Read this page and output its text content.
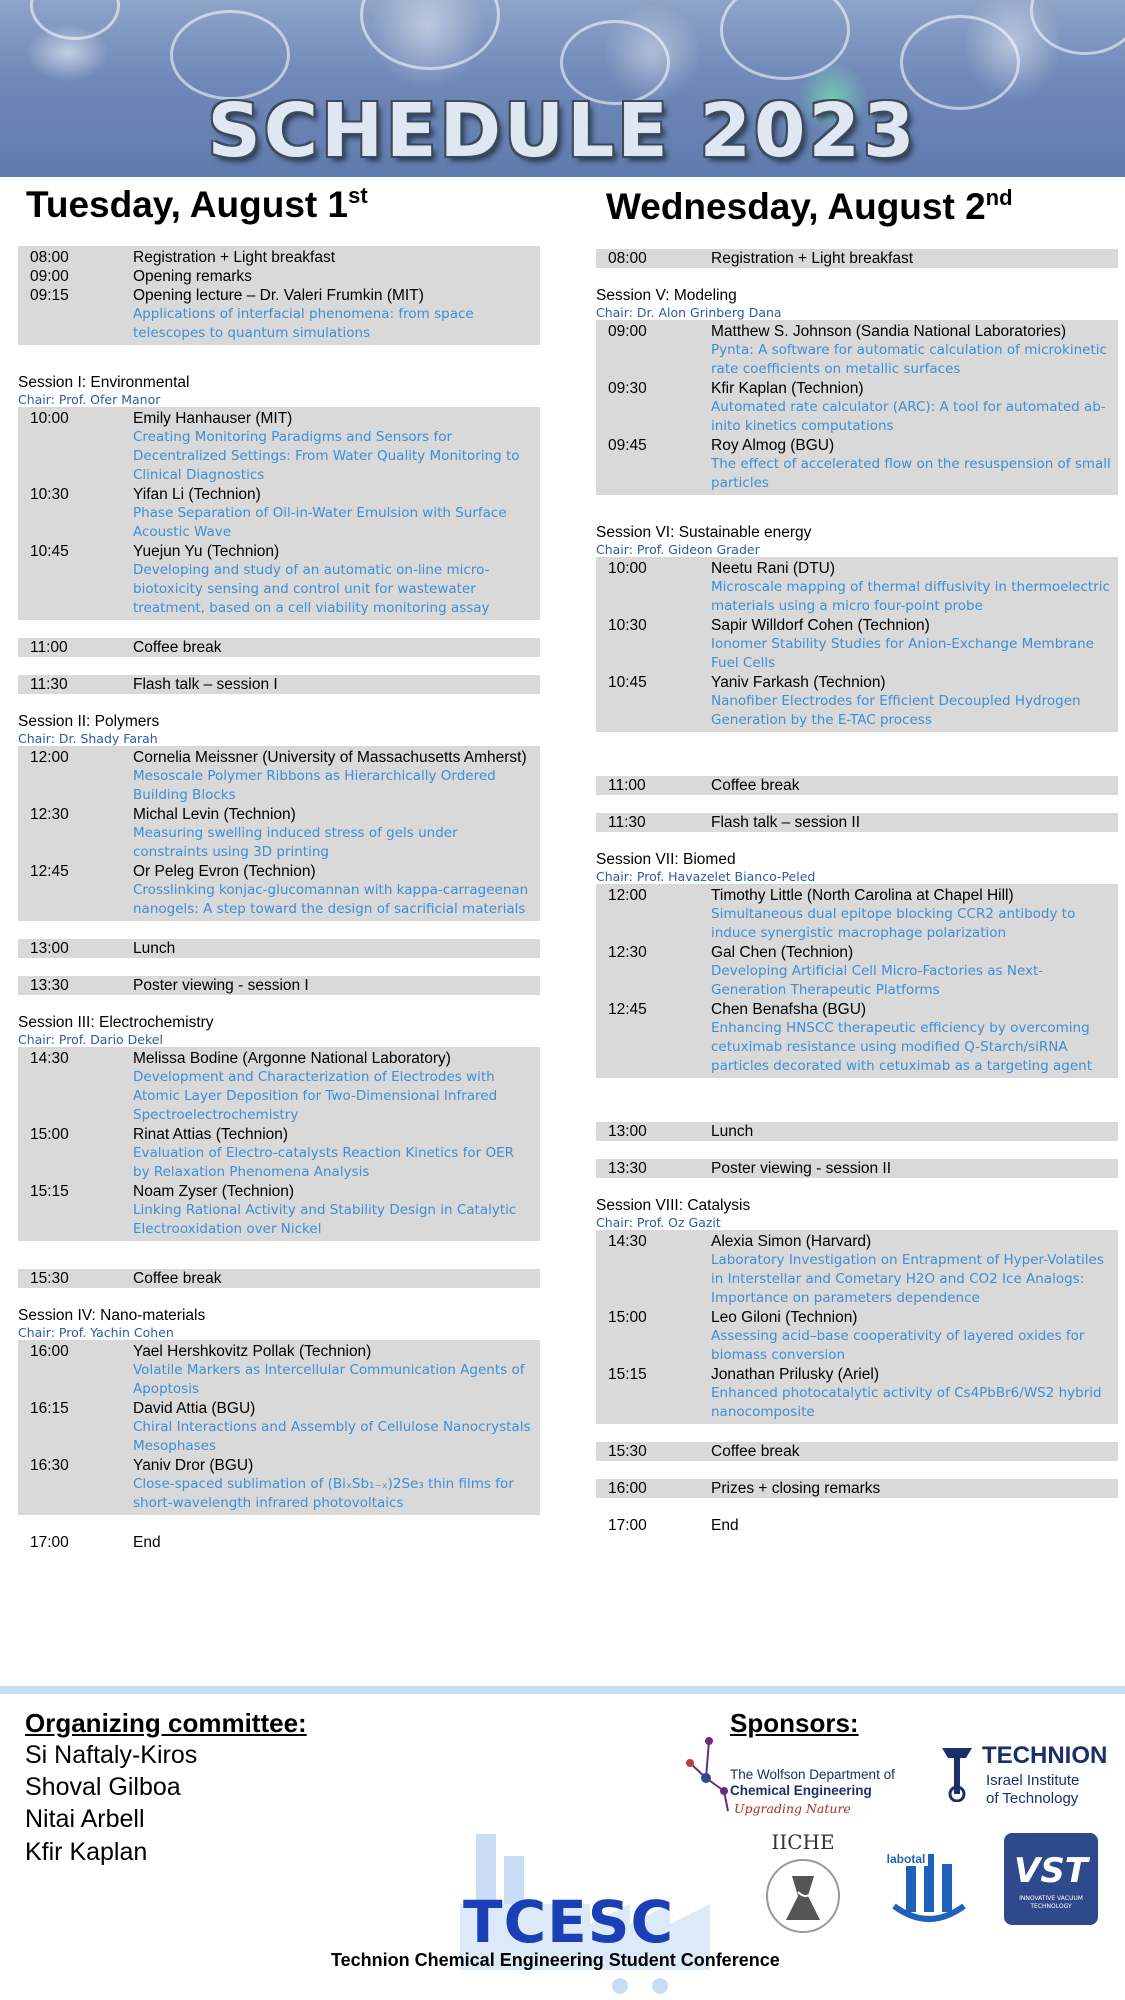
SCHEDULE 2023
Tuesday, August 1st	Wednesday, August 2nd
08:00	Registration + Light breakfast
09:00	Opening remarks
09:15	Opening lecture – Dr. Valeri Frumkin (MIT)
Applications of interfacial phenomena: from space telescopes to quantum simulations
Session I: Environmental
Chair: Prof. Ofer Manor
10:00	Emily Hanhauser (MIT)
Creating Monitoring Paradigms and Sensors for Decentralized Settings: From Water Quality Monitoring to Clinical Diagnostics
10:30	Yifan Li (Technion)
Phase Separation of Oil-in-Water Emulsion with Surface Acoustic Wave
10:45	Yuejun Yu (Technion)
Developing and study of an automatic on-line micro-biotoxicity sensing and control unit for wastewater treatment, based on a cell viability monitoring assay
11:00	Coffee break
11:30	Flash talk – session I
Session II: Polymers
Chair: Dr. Shady Farah
12:00	Cornelia Meissner (University of Massachusetts Amherst)
Mesoscale Polymer Ribbons as Hierarchically Ordered Building Blocks
12:30	Michal Levin (Technion)
Measuring swelling induced stress of gels under constraints using 3D printing
12:45	Or Peleg Evron (Technion)
Crosslinking konjac-glucomannan with kappa-carrageenan nanogels: A step toward the design of sacrificial materials
13:00	Lunch
13:30	Poster viewing - session I
Session III: Electrochemistry
Chair: Prof. Dario Dekel
14:30	Melissa Bodine (Argonne National Laboratory)
Development and Characterization of Electrodes with Atomic Layer Deposition for Two-Dimensional Infrared Spectroelectrochemistry
15:00	Rinat Attias (Technion)
Evaluation of Electro-catalysts Reaction Kinetics for OER by Relaxation Phenomena Analysis
15:15	Noam Zyser (Technion)
Linking Rational Activity and Stability Design in Catalytic Electrooxidation over Nickel
15:30	Coffee break
Session IV: Nano-materials
Chair: Prof. Yachin Cohen
16:00	Yael Hershkovitz Pollak (Technion)
Volatile Markers as Intercellular Communication Agents of Apoptosis
16:15	David Attia (BGU)
Chiral Interactions and Assembly of Cellulose Nanocrystals Mesophases
16:30	Yaniv Dror (BGU)
Close-spaced sublimation of (BiₓSb₁₋ₓ)2Se₃ thin films for short-wavelength infrared photovoltaics
17:00	End
08:00	Registration + Light breakfast
Session V: Modeling
Chair: Dr. Alon Grinberg Dana
09:00	Matthew S. Johnson (Sandia National Laboratories)
Pynta: A software for automatic calculation of microkinetic rate coefficients on metallic surfaces
09:30	Kfir Kaplan (Technion)
Automated rate calculator (ARC): A tool for automated ab-inito kinetics computations
09:45	Roy Almog (BGU)
The effect of accelerated flow on the resuspension of small particles
Session VI: Sustainable energy
Chair: Prof. Gideon Grader
10:00	Neetu Rani (DTU)
Microscale mapping of thermal diffusivity in thermoelectric materials using a micro four-point probe
10:30	Sapir Willdorf Cohen (Technion)
Ionomer Stability Studies for Anion-Exchange Membrane Fuel Cells
10:45	Yaniv Farkash (Technion)
Nanofiber Electrodes for Efficient Decoupled Hydrogen Generation by the E-TAC process
11:00	Coffee break
11:30	Flash talk – session II
Session VII: Biomed
Chair: Prof. Havazelet Bianco-Peled
12:00	Timothy Little (North Carolina at Chapel Hill)
Simultaneous dual epitope blocking CCR2 antibody to induce synergistic macrophage polarization
12:30	Gal Chen (Technion)
Developing Artificial Cell Micro-Factories as Next-Generation Therapeutic Platforms
12:45	Chen Benafsha (BGU)
Enhancing HNSCC therapeutic efficiency by overcoming cetuximab resistance using modified Q-Starch/siRNA particles decorated with cetuximab as a targeting agent
13:00	Lunch
13:30	Poster viewing - session II
Session VIII: Catalysis
Chair: Prof. Oz Gazit
14:30	Alexia Simon (Harvard)
Laboratory Investigation on Entrapment of Hyper-Volatiles in Interstellar and Cometary H2O and CO2 Ice Analogs: Importance on parameters dependence
15:00	Leo Giloni (Technion)
Assessing acid–base cooperativity of layered oxides for biomass conversion
15:15	Jonathan Prilusky (Ariel)
Enhanced photocatalytic activity of Cs4PbBr6/WS2 hybrid nanocomposite
15:30	Coffee break
16:00	Prizes + closing remarks
17:00	End
Organizing committee:
Si Naftaly-Kiros
Shoval Gilboa
Nitai Arbell
Kfir Kaplan
Sponsors:
The Wolfson Department of
Chemical Engineering
Upgrading Nature
TECHNION
Israel Institute
of Technology
IICHE
labotal	VST
INNOVATIVE VACUUM TECHNOLOGY
TCESC
Technion Chemical Engineering Student Conference
